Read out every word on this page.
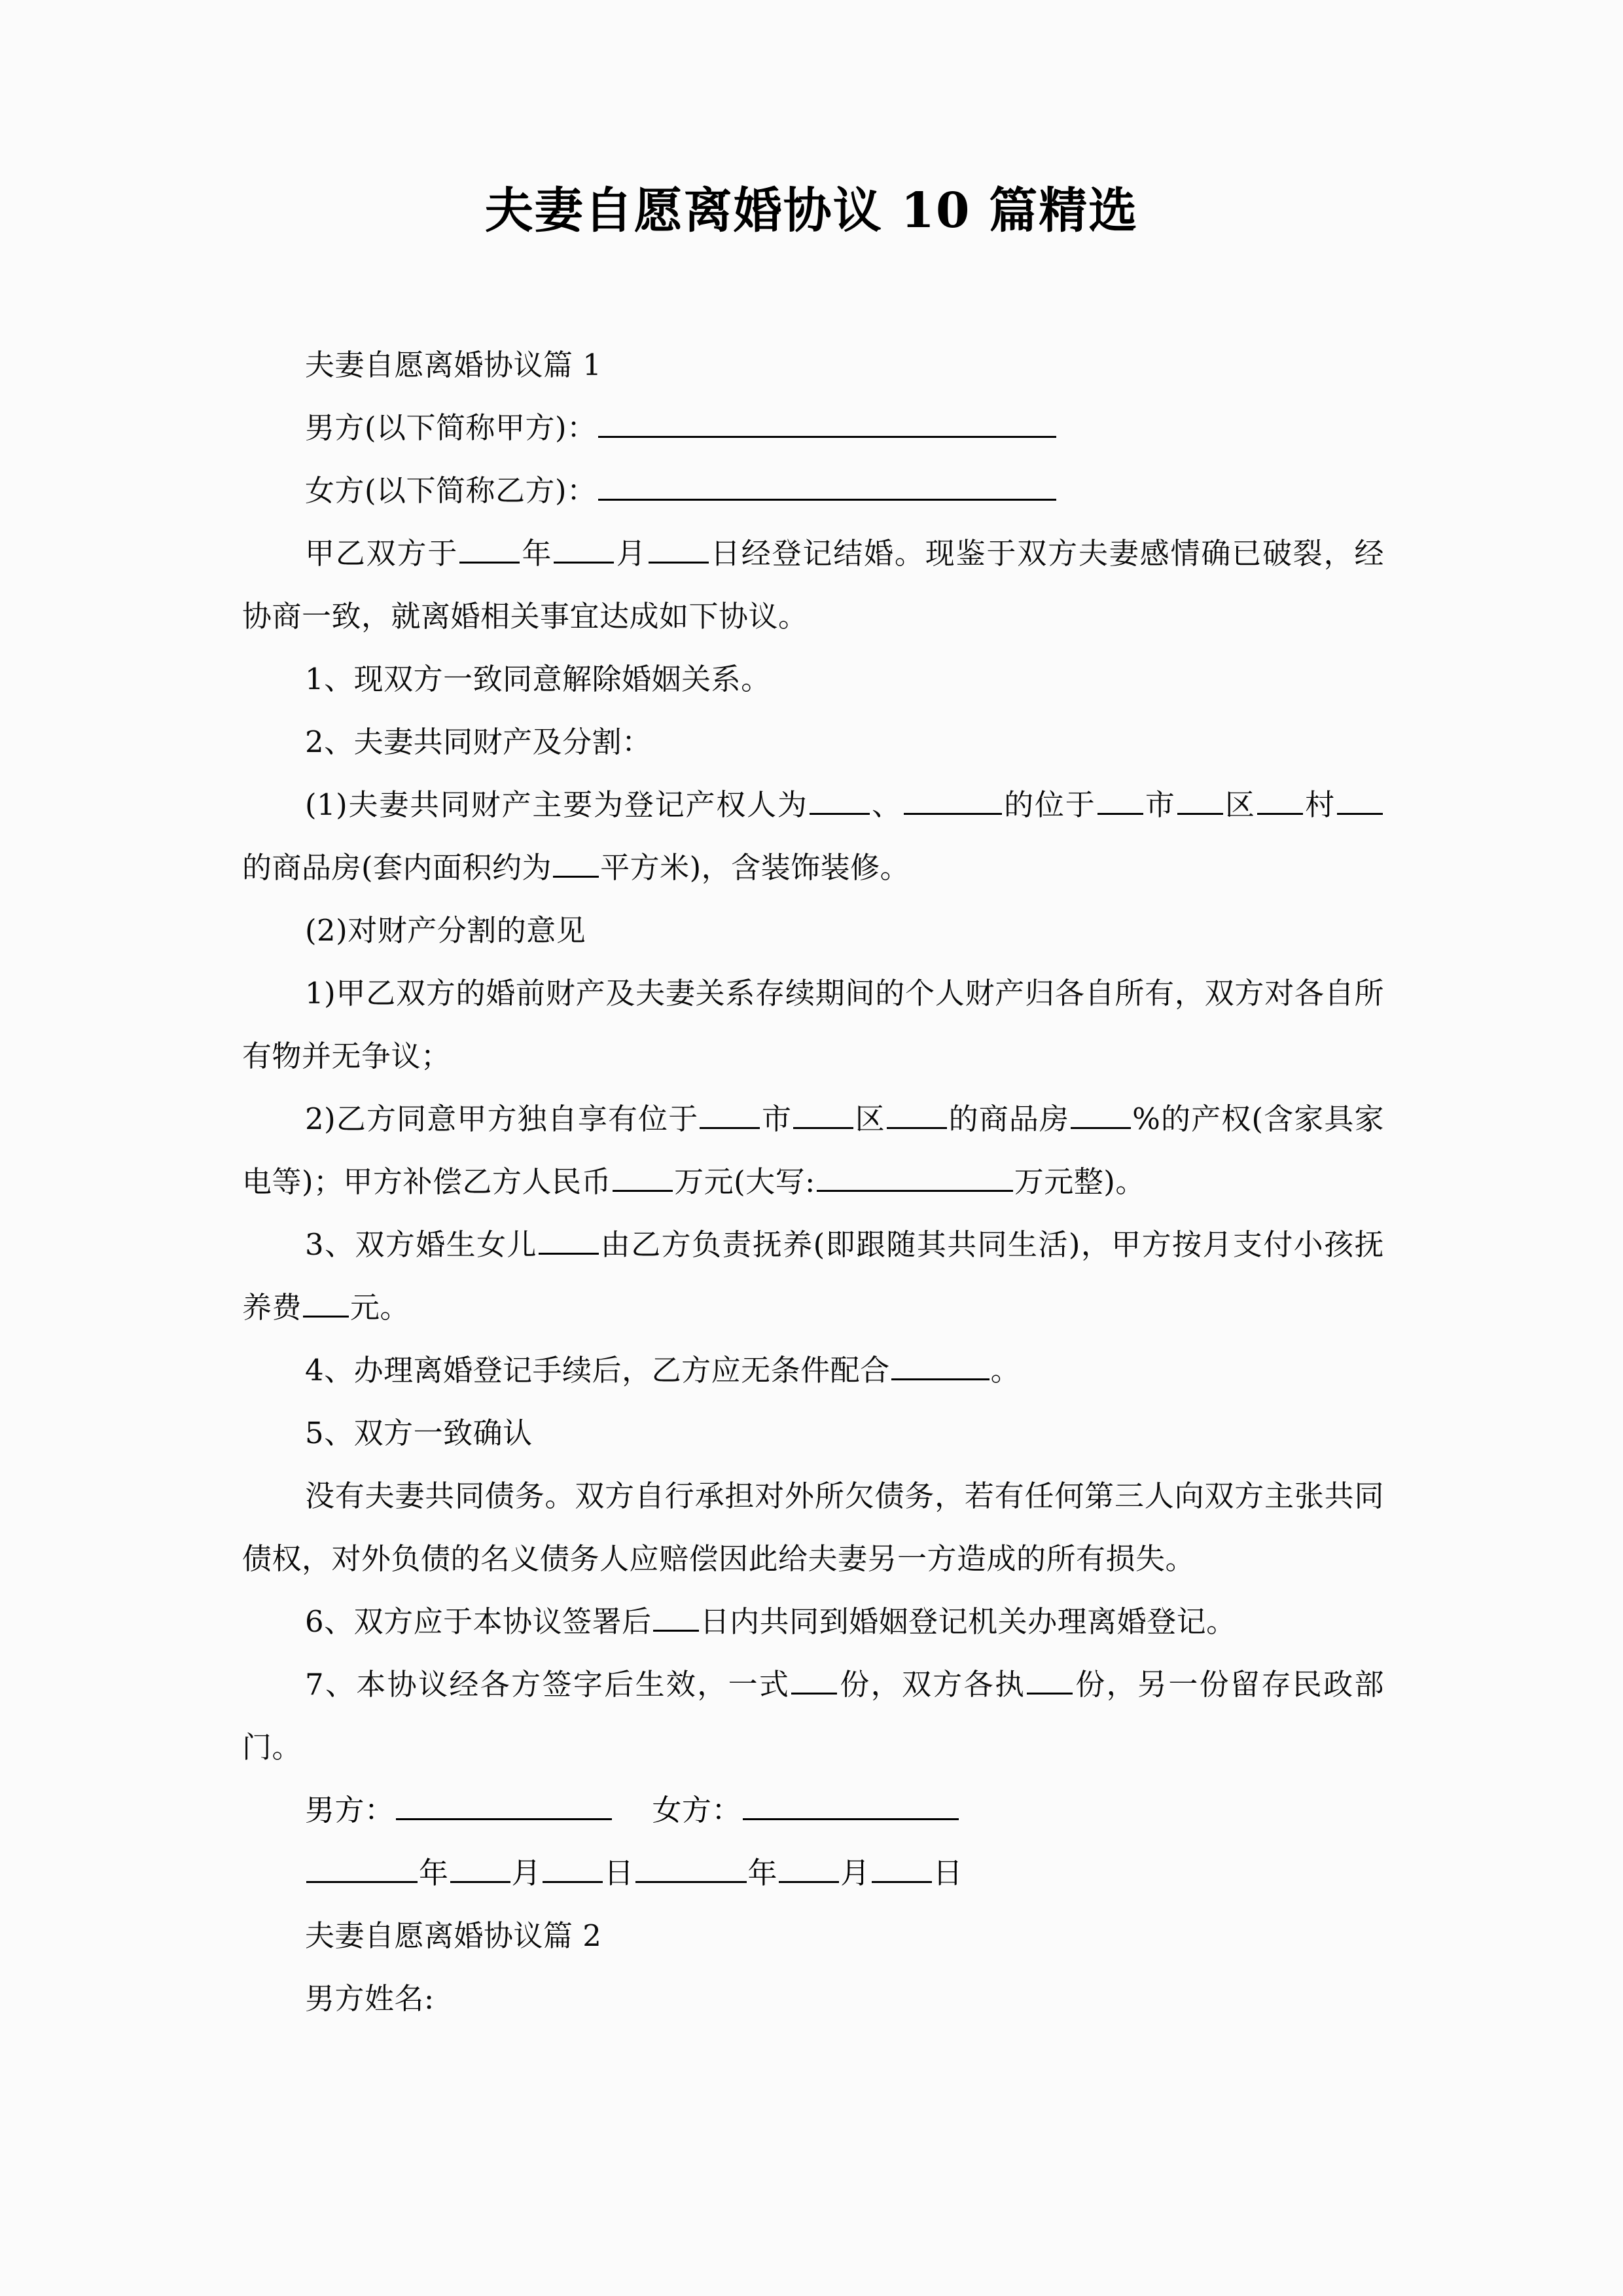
夫妻自愿离婚协议 10 篇精选

夫妻自愿离婚协议篇 1

男方(以下简称甲方)：

女方(以下简称乙方)：

甲乙双方于 年 月 日经登记结婚。现鉴于双方夫妻感情确已破裂，经协商一致，就离婚相关事宜达成如下协议。

1、现双方一致同意解除婚姻关系。

2、夫妻共同财产及分割：

(1)夫妻共同财产主要为登记产权人为 、	的位于 市 区 村的商品房(套内面积约为 平方米)，含装饰装修。

(2)对财产分割的意见

1)甲乙双方的婚前财产及夫妻关系存续期间的个人财产归各自所有，双方对各自所有物并无争议；

2)乙方同意甲方独自享有位于 市 区 的商品房 %的产权(含家具家电等)；甲方补偿乙方人民币 万元(大写:	万元整)。

3、双方婚生女儿 由乙方负责抚养(即跟随其共同生活)，甲方按月支付小孩抚养费 元。

4、办理离婚登记手续后，乙方应无条件配合	。

5、双方一致确认

没有夫妻共同债务。双方自行承担对外所欠债务，若有任何第三人向双方主张共同债权，对外负债的名义债务人应赔偿因此给夫妻另一方造成的所有损失。

6、双方应于本协议签署后 日内共同到婚姻登记机关办理离婚登记。

7、本协议经各方签字后生效，一式 份，双方各执 份，另一份留存民政部门。

男方：	女方：

年 月 日	年 月 日

夫妻自愿离婚协议篇 2

男方姓名:
